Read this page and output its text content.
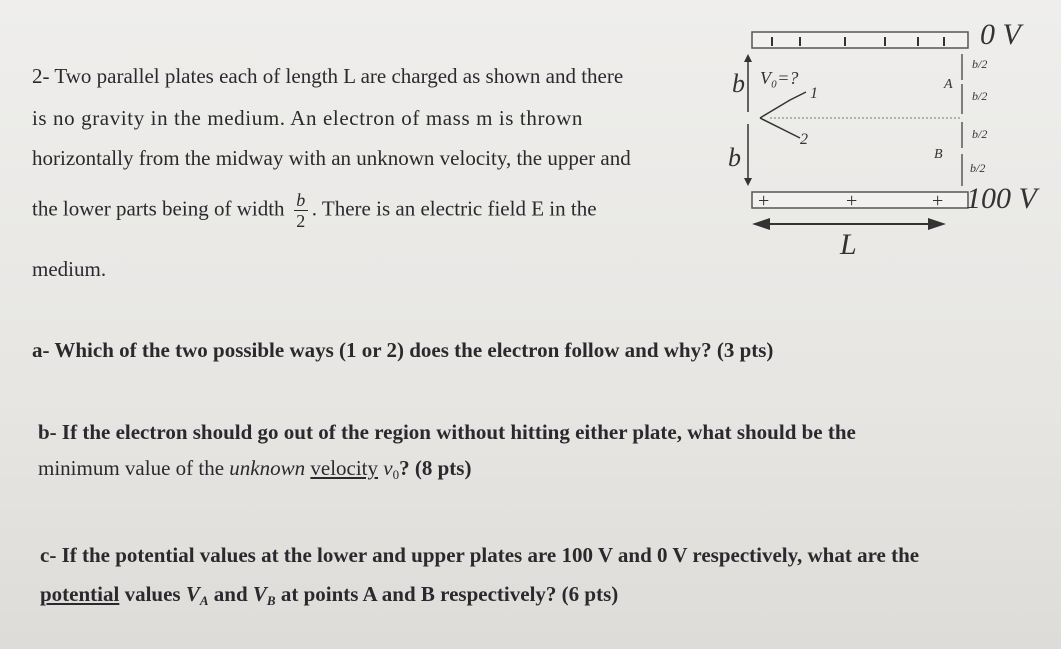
2- Two parallel plates each of length L are charged as shown and there
is no gravity in the medium. An electron of mass m is thrown
horizontally from the midway with an unknown velocity, the upper and
the lower parts being of width $\frac{b}{2}$ . There is an electric field E in the
medium.
a- Which of the two possible ways (1 or 2) does the electron follow and why? (3 pts)
b- If the electron should go out of the region without hitting either plate, what should be the
minimum value of the unknown velocity $v_0$? (8 pts)
c- If the potential values at the lower and upper plates are 100 V and 0 V respectively, what are the
potential values $V_A$ and $V_B$ at points A and B respectively? (6 pts)
+	+	+
0 V
100 V
b
b
V₀=?
1
2
b/2
b/2
b/2
b/2
A
B
L
